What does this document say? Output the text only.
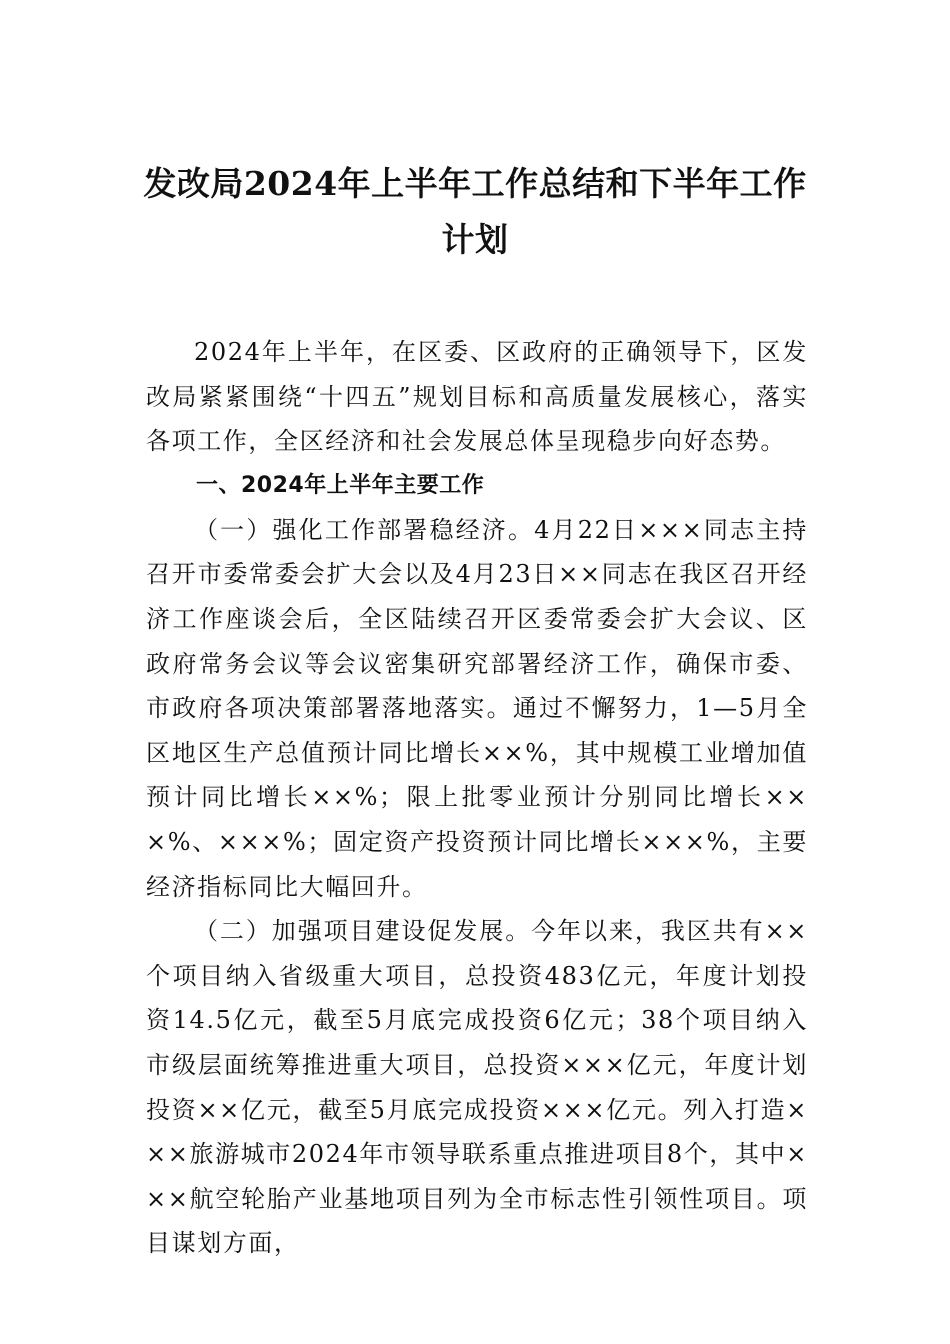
发改局2024年上半年工作总结和下半年工作计划

2024年上半年，在区委、区政府的正确领导下，区发改局紧紧围绕“十四五”规划目标和高质量发展核心，落实各项工作，全区经济和社会发展总体呈现稳步向好态势。

一、2024年上半年主要工作

（一）强化工作部署稳经济。4月22日×××同志主持召开市委常委会扩大会以及4月23日××同志在我区召开经济工作座谈会后，全区陆续召开区委常委会扩大会议、区政府常务会议等会议密集研究部署经济工作，确保市委、市政府各项决策部署落地落实。通过不懈努力，1—5月全区地区生产总值预计同比增长××%，其中规模工业增加值预计同比增长××%；限上批零业预计分别同比增长×××%、×××%；固定资产投资预计同比增长×××%，主要经济指标同比大幅回升。

（二）加强项目建设促发展。今年以来，我区共有××个项目纳入省级重大项目，总投资483亿元，年度计划投资14.5亿元，截至5月底完成投资6亿元；38个项目纳入市级层面统筹推进重大项目，总投资×××亿元，年度计划投资××亿元，截至5月底完成投资×××亿元。列入打造×××旅游城市2024年市领导联系重点推进项目8个，其中×××航空轮胎产业基地项目列为全市标志性引领性项目。项目谋划方面，
